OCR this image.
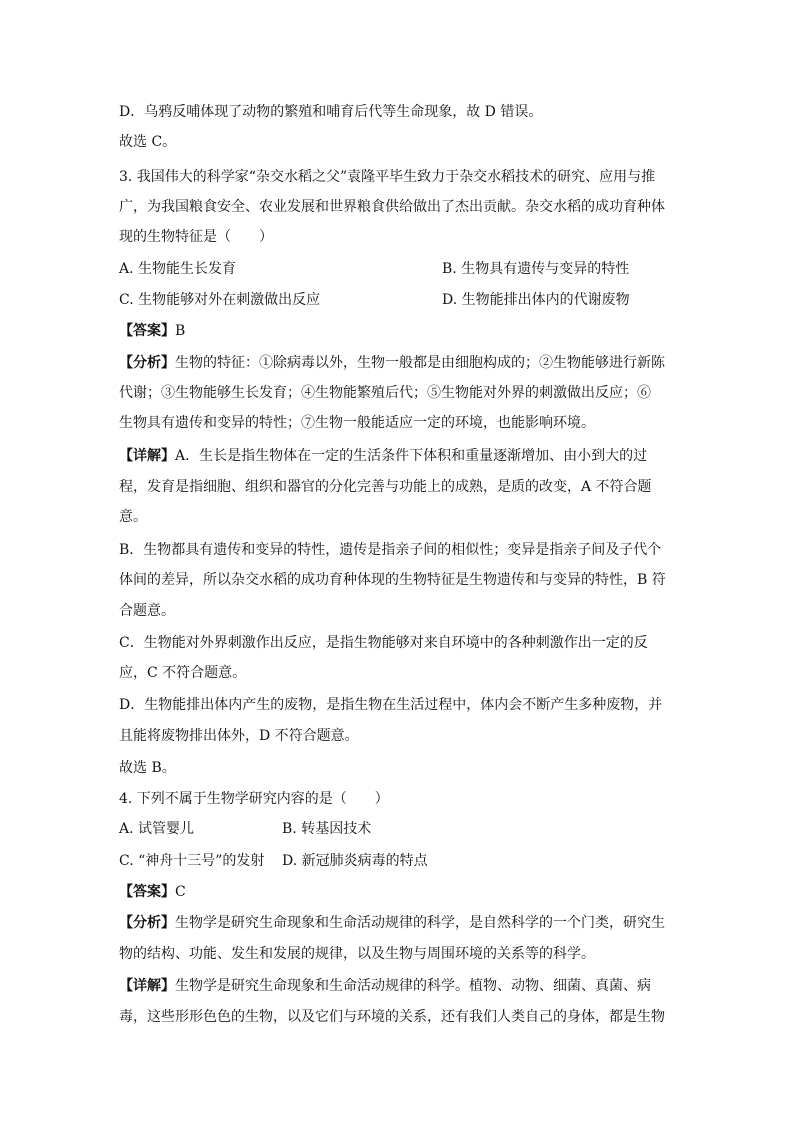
D．乌鸦反哺体现了动物的繁殖和哺育后代等生命现象，故 D 错误。
故选 C。
3. 我国伟大的科学家“杂交水稻之父”袁隆平毕生致力于杂交水稻技术的研究、应用与推
广，为我国粮食安全、农业发展和世界粮食供给做出了杰出贡献。杂交水稻的成功育种体
现的生物特征是（　　）
A. 生物能生长发育	B. 生物具有遗传与变异的特性
C. 生物能够对外在刺激做出反应	D. 生物能排出体内的代谢废物
【答案】B
【分析】生物的特征：①除病毒以外，生物一般都是由细胞构成的；②生物能够进行新陈
代谢；③生物能够生长发育；④生物能繁殖后代；⑤生物能对外界的刺激做出反应；⑥
生物具有遗传和变异的特性；⑦生物一般能适应一定的环境，也能影响环境。
【详解】A．生长是指生物体在一定的生活条件下体积和重量逐渐增加、由小到大的过
程，发育是指细胞、组织和器官的分化完善与功能上的成熟，是质的改变，A 不符合题
意。
B．生物都具有遗传和变异的特性，遗传是指亲子间的相似性；变异是指亲子间及子代个
体间的差异，所以杂交水稻的成功育种体现的生物特征是生物遗传和与变异的特性，B 符
合题意。
C．生物能对外界刺激作出反应，是指生物能够对来自环境中的各种刺激作出一定的反
应，C 不符合题意。
D．生物能排出体内产生的废物，是指生物在生活过程中，体内会不断产生多种废物，并
且能将废物排出体外，D 不符合题意。
故选 B。
4. 下列不属于生物学研究内容的是（　　）
A. 试管婴儿	B. 转基因技术
C. “神舟十三号”的发射 D. 新冠肺炎病毒的特点
【答案】C
【分析】生物学是研究生命现象和生命活动规律的科学，是自然科学的一个门类，研究生
物的结构、功能、发生和发展的规律，以及生物与周围环境的关系等的科学。
【详解】生物学是研究生命现象和生命活动规律的科学。植物、动物、细菌、真菌、病
毒，这些形形色色的生物，以及它们与环境的关系，还有我们人类自己的身体，都是生物
